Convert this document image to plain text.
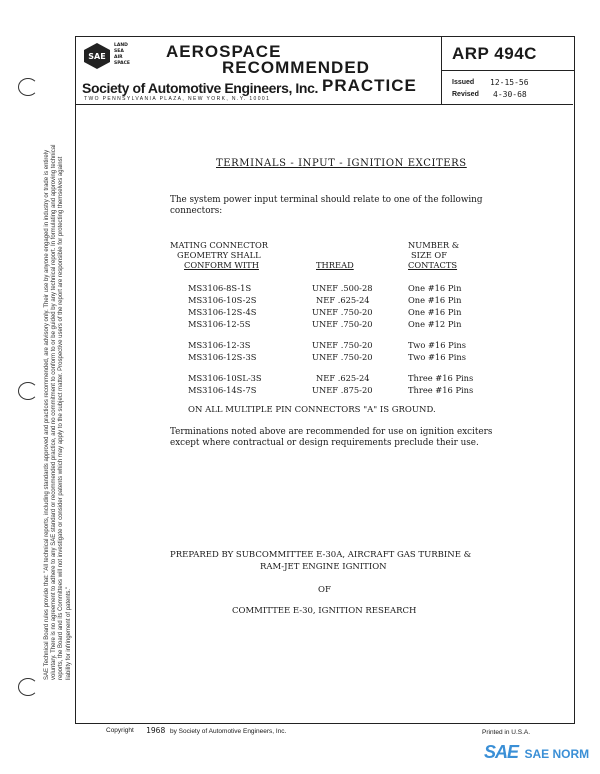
SAE
LAND
SEA
AIR
SPACE
AEROSPACE
RECOMMENDED
PRACTICE
Society of Automotive Engineers, Inc.
TWO PENNSYLVANIA PLAZA, NEW YORK, N.Y. 10001
ARP 494C
Issued 12-15-56
Revised 4-30-68
SAE Technical Board rules provide that: "All technical reports, including standards approved and practices recommended, are advisory only. Their use by anyone engaged in industry or trade is entirely voluntary. There is no agreement to adhere to any SAE standard or recommended practice, and no commitment to conform to or be guided by any technical report. In formulating and approving technical reports, the Board and its Committees will not investigate or consider patents which may apply to the subject matter. Prospective users of the report are responsible for protecting themselves against liability for infringement of patents."
TERMINALS - INPUT - IGNITION EXCITERS
The system power input terminal should relate to one of the following
connectors:
MATING CONNECTOR
GEOMETRY SHALL
CONFORM WITH	THREAD
NUMBER &
SIZE OF
CONTACTS
MS3106-8S-1S	UNEF .500-28	One #16 Pin
MS3106-10S-2S	NEF .625-24	One #16 Pin
MS3106-12S-4S	UNEF .750-20	One #16 Pin
MS3106-12-5S	UNEF .750-20	One #12 Pin
MS3106-12-3S	UNEF .750-20	Two #16 Pins
MS3106-12S-3S	UNEF .750-20	Two #16 Pins
MS3106-10SL-3S	NEF .625-24	Three #16 Pins
MS3106-14S-7S	UNEF .875-20	Three #16 Pins
ON ALL MULTIPLE PIN CONNECTORS "A" IS GROUND.
Terminations noted above are recommended for use on ignition exciters
except where contractual or design requirements preclude their use.
PREPARED BY SUBCOMMITTEE E-30A, AIRCRAFT GAS TURBINE &
RAM-JET ENGINE IGNITION
OF
COMMITTEE E-30, IGNITION RESEARCH
Copyright 1968 by Society of Automotive Engineers, Inc.	Printed in U.S.A.
SAE SAE NORM
